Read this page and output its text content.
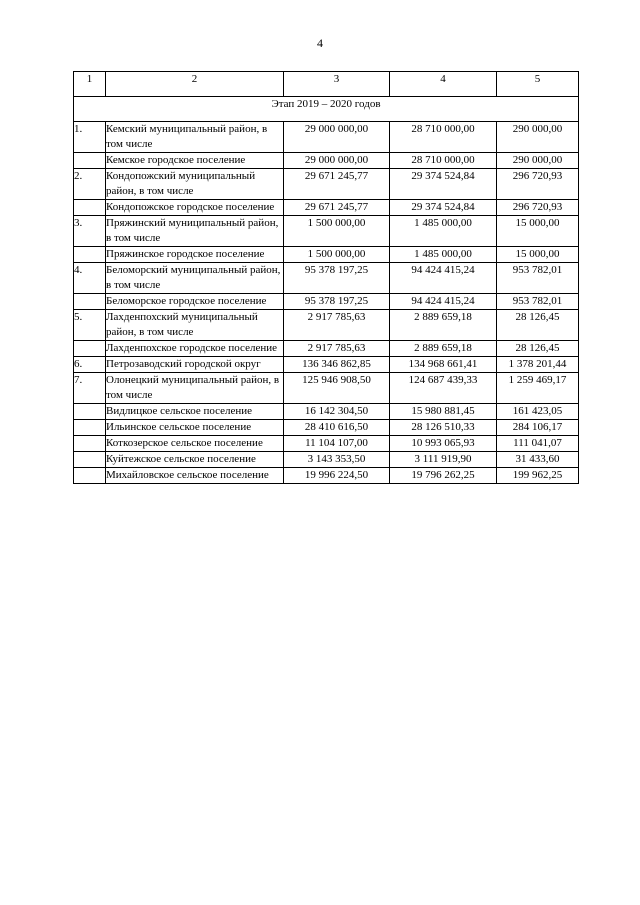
4
1	2	3	4	5
Этап 2019 – 2020 годов				
1.	Кемский муниципальный район, в том числе	29 000 000,00	28 710 000,00	290 000,00
	Кемское городское поселение	29 000 000,00	28 710 000,00	290 000,00
2.	Кондопожский муниципальный район, в том числе	29 671 245,77	29 374 524,84	296 720,93
	Кондопожское городское поселение	29 671 245,77	29 374 524,84	296 720,93
3.	Пряжинский муниципальный район, в том числе	1 500 000,00	1 485 000,00	15 000,00
	Пряжинское городское поселение	1 500 000,00	1 485 000,00	15 000,00
4.	Беломорский муниципальный район, в том числе	95 378 197,25	94 424 415,24	953 782,01
	Беломорское городское поселение	95 378 197,25	94 424 415,24	953 782,01
5.	Лахденпохский муниципальный район, в том числе	2 917 785,63	2 889 659,18	28 126,45
	Лахденпохское городское поселение	2 917 785,63	2 889 659,18	28 126,45
6.	Петрозаводский городской округ	136 346 862,85	134 968 661,41	1 378 201,44
7.	Олонецкий муниципальный район, в том числе	125 946 908,50	124 687 439,33	1 259 469,17
	Видлицкое сельское поселение	16 142 304,50	15 980 881,45	161 423,05
	Ильинское сельское поселение	28 410 616,50	28 126 510,33	284 106,17
	Коткозерское сельское поселение	11 104 107,00	10 993 065,93	111 041,07
	Куйтежское сельское поселение	3 143 353,50	3 111 919,90	31 433,60
	Михайловское сельское поселение	19 996 224,50	19 796 262,25	199 962,25
